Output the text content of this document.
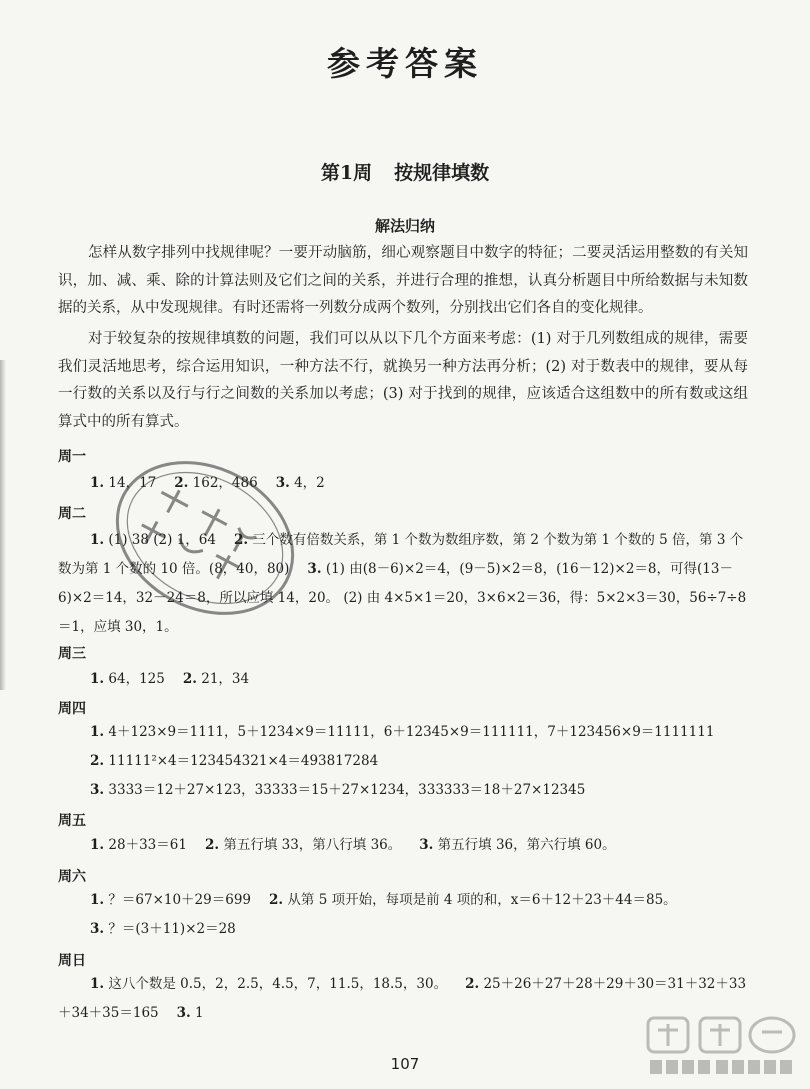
参考答案
第1周 按规律填数
解法归纳
怎样从数字排列中找规律呢？一要开动脑筋，细心观察题目中数字的特征；二要灵活运用整数的有关知识，加、减、乘、除的计算法则及它们之间的关系，并进行合理的推想，认真分析题目中所给数据与未知数据的关系，从中发现规律。有时还需将一列数分成两个数列，分别找出它们各自的变化规律。
对于较复杂的按规律填数的问题，我们可以从以下几个方面来考虑：(1) 对于几列数组成的规律，需要我们灵活地思考，综合运用知识，一种方法不行，就换另一种方法再分析；(2) 对于数表中的规律，要从每一行数的关系以及行与行之间数的关系加以考虑；(3) 对于找到的规律，应该适合这组数中的所有数或这组算式中的所有算式。
周一
1. 14，17 2. 162，486 3. 4，2
周二
1. (1) 38 (2) 1，64 2. 三个数有倍数关系，第 1 个数为数组序数，第 2 个数为第 1 个数的 5 倍，第 3 个数为第 1 个数的 10 倍。(8，40，80) 3. (1) 由(8－6)×2＝4，(9－5)×2＝8，(16－12)×2＝8，可得(13－6)×2＝14，32－24＝8，所以应填 14，20。 (2) 由 4×5×1＝20，3×6×2＝36，得：5×2×3＝30，56÷7÷8＝1，应填 30，1。
周三
1. 64，125 2. 21，34
周四
1. 4＋123×9＝1111，5＋1234×9＝11111，6＋12345×9＝111111，7＋123456×9＝1111111
2. 11111²×4＝123454321×4＝493817284
3. 3333＝12＋27×123，33333＝15＋27×1234，333333＝18＋27×12345
周五
1. 28＋33＝61 2. 第五行填 33，第八行填 36。 3. 第五行填 36，第六行填 60。
周六
1. ？＝67×10＋29＝699 2. 从第 5 项开始，每项是前 4 项的和，x＝6＋12＋23＋44＝85。
3. ？＝(3＋11)×2＝28
周日
1. 这八个数是 0.5，2，2.5，4.5，7，11.5，18.5，30。 2. 25＋26＋27＋28＋29＋30＝31＋32＋33＋34＋35＝165 3. 1
107
